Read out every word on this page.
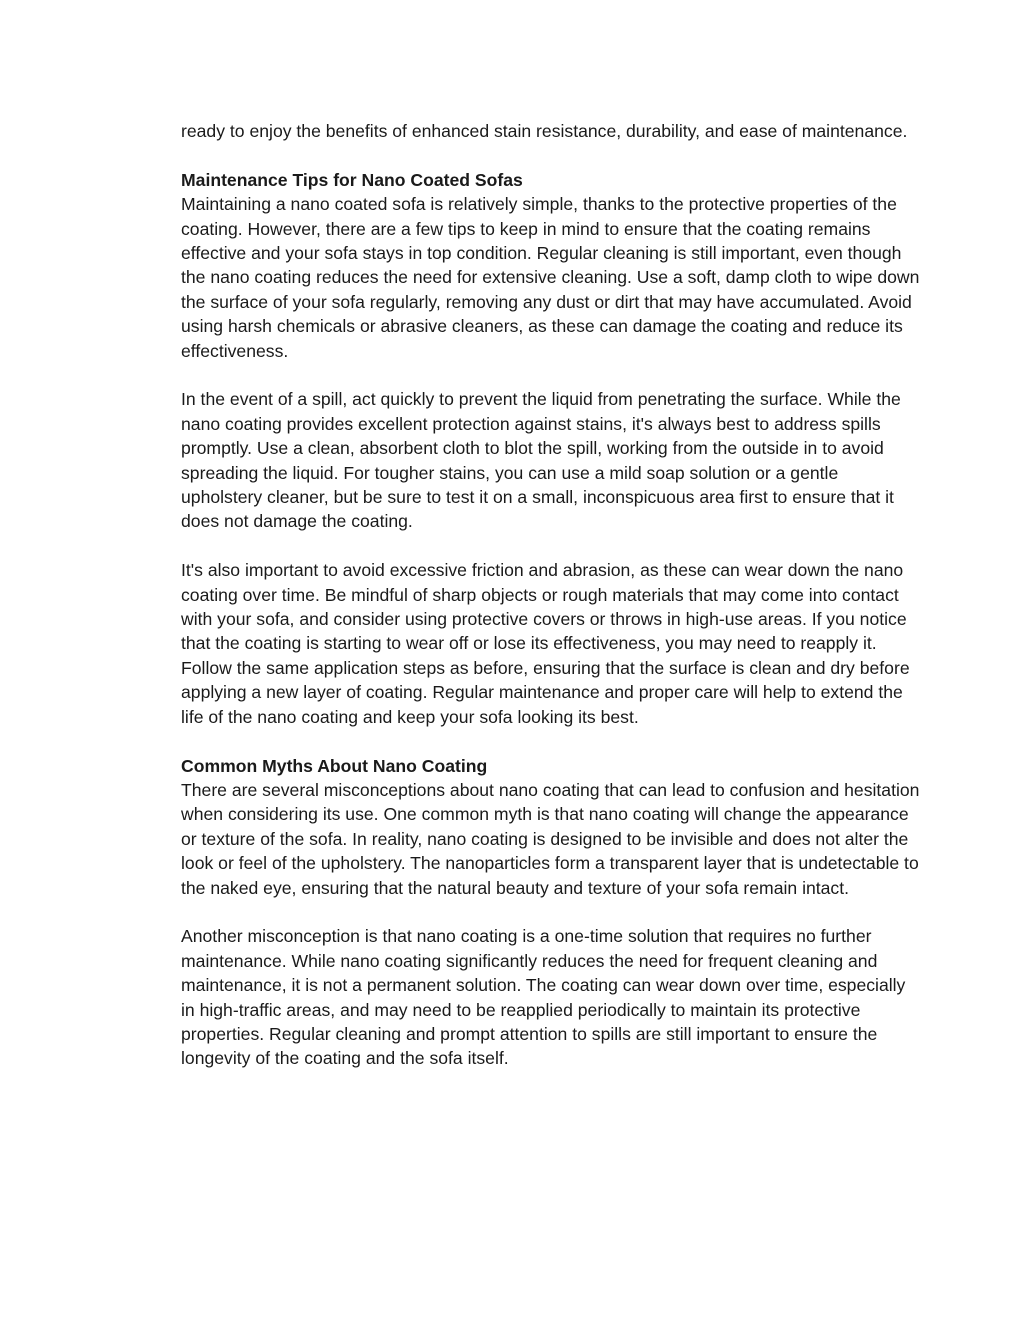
ready to enjoy the benefits of enhanced stain resistance, durability, and ease of maintenance.

Maintenance Tips for Nano Coated Sofas
Maintaining a nano coated sofa is relatively simple, thanks to the protective properties of the coating. However, there are a few tips to keep in mind to ensure that the coating remains effective and your sofa stays in top condition. Regular cleaning is still important, even though the nano coating reduces the need for extensive cleaning. Use a soft, damp cloth to wipe down the surface of your sofa regularly, removing any dust or dirt that may have accumulated. Avoid using harsh chemicals or abrasive cleaners, as these can damage the coating and reduce its effectiveness.

In the event of a spill, act quickly to prevent the liquid from penetrating the surface. While the nano coating provides excellent protection against stains, it's always best to address spills promptly. Use a clean, absorbent cloth to blot the spill, working from the outside in to avoid spreading the liquid. For tougher stains, you can use a mild soap solution or a gentle upholstery cleaner, but be sure to test it on a small, inconspicuous area first to ensure that it does not damage the coating.

It's also important to avoid excessive friction and abrasion, as these can wear down the nano coating over time. Be mindful of sharp objects or rough materials that may come into contact with your sofa, and consider using protective covers or throws in high-use areas. If you notice that the coating is starting to wear off or lose its effectiveness, you may need to reapply it. Follow the same application steps as before, ensuring that the surface is clean and dry before applying a new layer of coating. Regular maintenance and proper care will help to extend the life of the nano coating and keep your sofa looking its best.

Common Myths About Nano Coating
There are several misconceptions about nano coating that can lead to confusion and hesitation when considering its use. One common myth is that nano coating will change the appearance or texture of the sofa. In reality, nano coating is designed to be invisible and does not alter the look or feel of the upholstery. The nanoparticles form a transparent layer that is undetectable to the naked eye, ensuring that the natural beauty and texture of your sofa remain intact.

Another misconception is that nano coating is a one-time solution that requires no further maintenance. While nano coating significantly reduces the need for frequent cleaning and maintenance, it is not a permanent solution. The coating can wear down over time, especially in high-traffic areas, and may need to be reapplied periodically to maintain its protective properties. Regular cleaning and prompt attention to spills are still important to ensure the longevity of the coating and the sofa itself.
